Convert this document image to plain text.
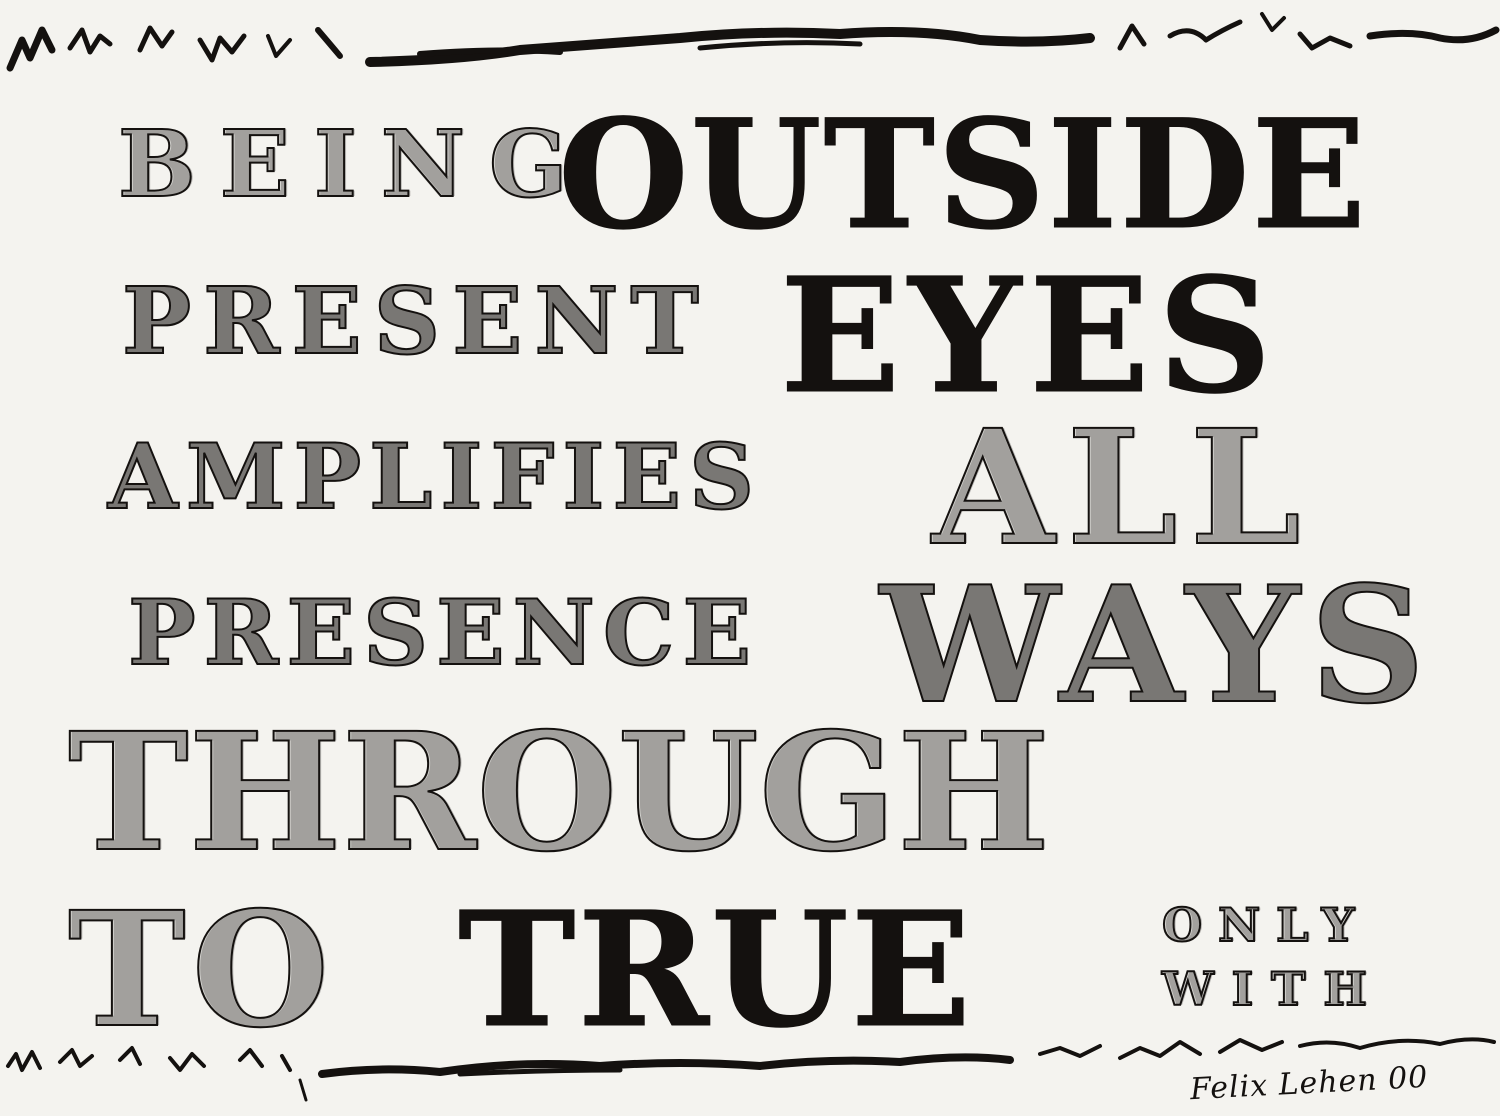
BEING
OUTSIDE
PRESENT EYES
AMPLIFIES ALL
PRESENCE WAYS
THROUGH
TO TRUE	ONLY
WITH
Felix Lehen 00
